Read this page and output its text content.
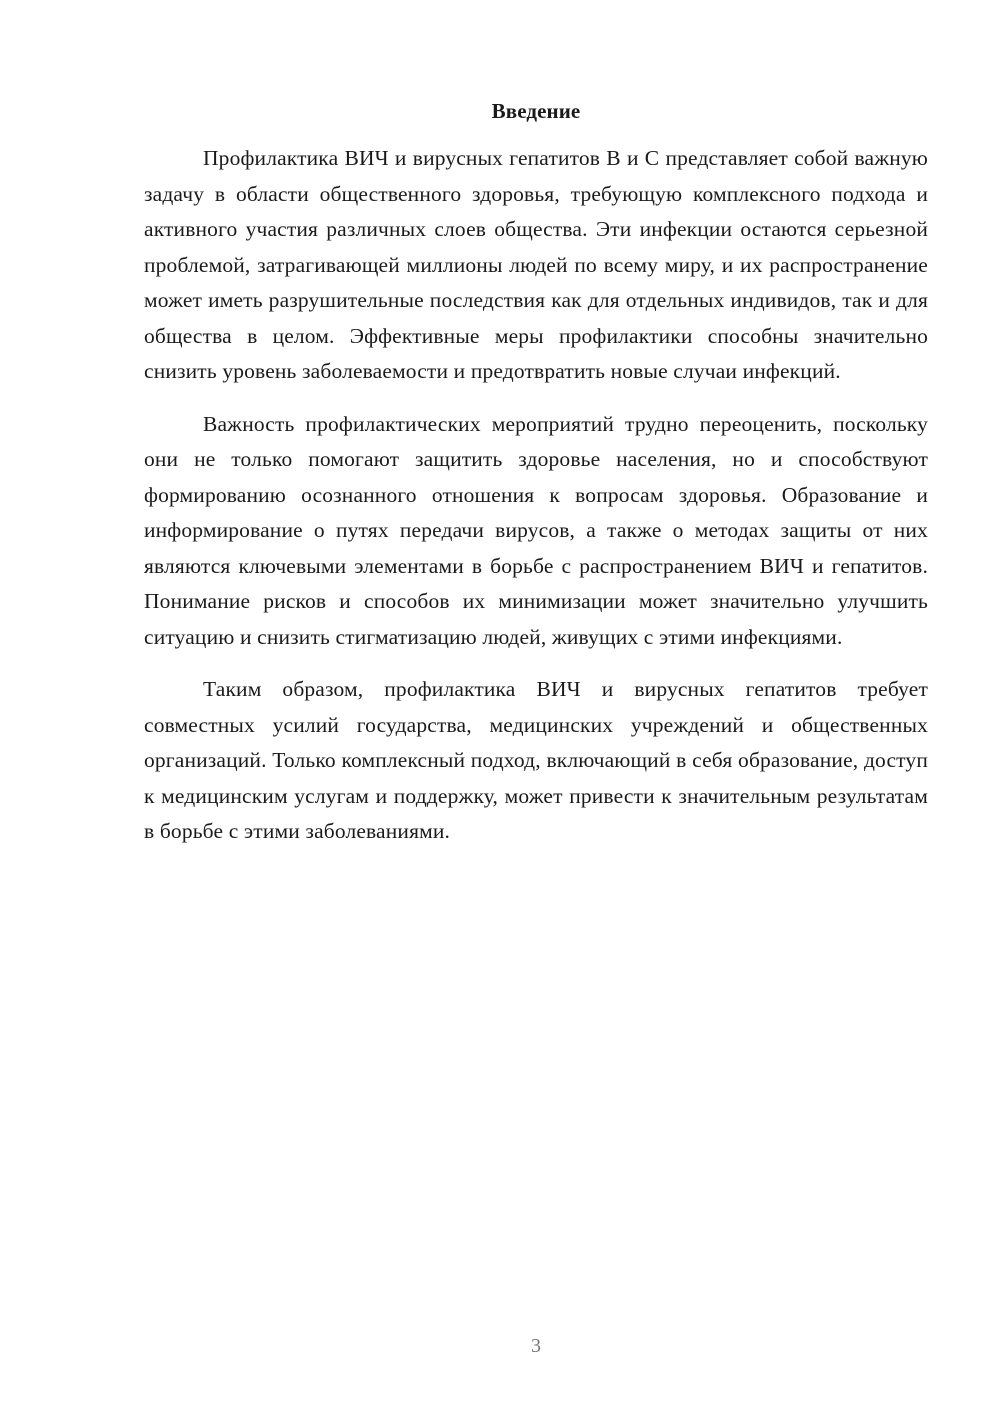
Введение

Профилактика ВИЧ и вирусных гепатитов В и С представляет собой важную задачу в области общественного здоровья, требующую комплексного подхода и активного участия различных слоев общества. Эти инфекции остаются серьезной проблемой, затрагивающей миллионы людей по всему миру, и их распространение может иметь разрушительные последствия как для отдельных индивидов, так и для общества в целом. Эффективные меры профилактики способны значительно снизить уровень заболеваемости и предотвратить новые случаи инфекций.

Важность профилактических мероприятий трудно переоценить, поскольку они не только помогают защитить здоровье населения, но и способствуют формированию осознанного отношения к вопросам здоровья. Образование и информирование о путях передачи вирусов, а также о методах защиты от них являются ключевыми элементами в борьбе с распространением ВИЧ и гепатитов. Понимание рисков и способов их минимизации может значительно улучшить ситуацию и снизить стигматизацию людей, живущих с этими инфекциями.

Таким образом, профилактика ВИЧ и вирусных гепатитов требует совместных усилий государства, медицинских учреждений и общественных организаций. Только комплексный подход, включающий в себя образование, доступ к медицинским услугам и поддержку, может привести к значительным результатам в борьбе с этими заболеваниями.

3
